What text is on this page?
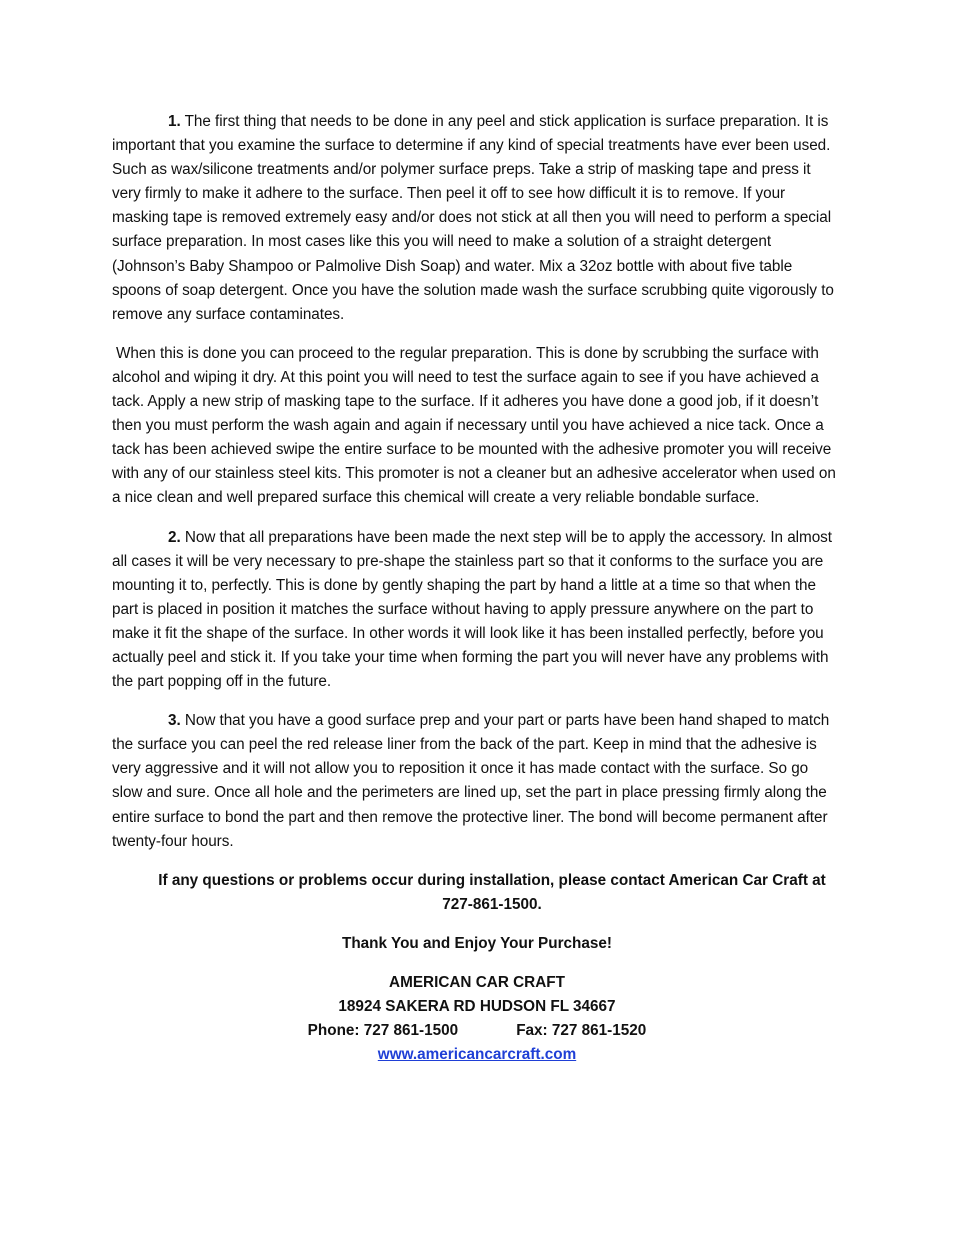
1. The first thing that needs to be done in any peel and stick application is surface preparation. It is important that you examine the surface to determine if any kind of special treatments have ever been used. Such as wax/silicone treatments and/or polymer surface preps. Take a strip of masking tape and press it very firmly to make it adhere to the surface. Then peel it off to see how difficult it is to remove. If your masking tape is removed extremely easy and/or does not stick at all then you will need to perform a special surface preparation. In most cases like this you will need to make a solution of a straight detergent (Johnson’s Baby Shampoo or Palmolive Dish Soap) and water. Mix a 32oz bottle with about five table spoons of soap detergent. Once you have the solution made wash the surface scrubbing quite vigorously to remove any surface contaminates.

When this is done you can proceed to the regular preparation. This is done by scrubbing the surface with alcohol and wiping it dry. At this point you will need to test the surface again to see if you have achieved a tack. Apply a new strip of masking tape to the surface. If it adheres you have done a good job, if it doesn’t then you must perform the wash again and again if necessary until you have achieved a nice tack. Once a tack has been achieved swipe the entire surface to be mounted with the adhesive promoter you will receive with any of our stainless steel kits. This promoter is not a cleaner but an adhesive accelerator when used on a nice clean and well prepared surface this chemical will create a very reliable bondable surface.

2. Now that all preparations have been made the next step will be to apply the accessory. In almost all cases it will be very necessary to pre-shape the stainless part so that it conforms to the surface you are mounting it to, perfectly. This is done by gently shaping the part by hand a little at a time so that when the part is placed in position it matches the surface without having to apply pressure anywhere on the part to make it fit the shape of the surface. In other words it will look like it has been installed perfectly, before you actually peel and stick it. If you take your time when forming the part you will never have any problems with the part popping off in the future.

3. Now that you have a good surface prep and your part or parts have been hand shaped to match the surface you can peel the red release liner from the back of the part. Keep in mind that the adhesive is very aggressive and it will not allow you to reposition it once it has made contact with the surface. So go slow and sure. Once all hole and the perimeters are lined up, set the part in place pressing firmly along the entire surface to bond the part and then remove the protective liner. The bond will become permanent after twenty-four hours.

If any questions or problems occur during installation, please contact American Car Craft at 727-861-1500.

Thank You and Enjoy Your Purchase!

AMERICAN CAR CRAFT

18924 SAKERA RD HUDSON FL 34667

Phone: 727 861-1500	Fax: 727 861-1520

www.americancarcraft.com
